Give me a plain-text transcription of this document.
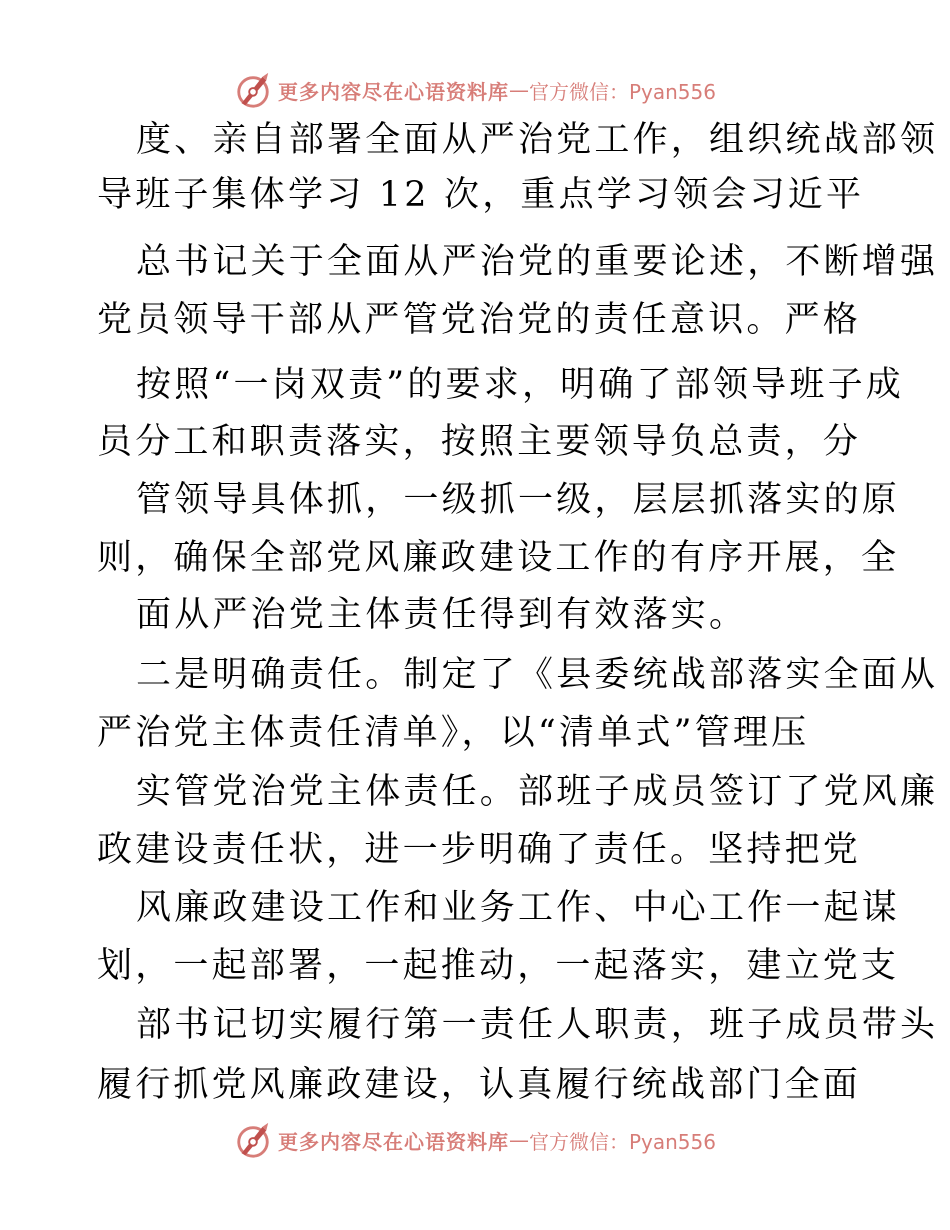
更多内容尽在心语资料库 — 官方微信：Pyan556
度、亲自部署全面从严治党工作，组织统战部领
导班子集体学习 12 次，重点学习领会习近平
总书记关于全面从严治党的重要论述，不断增强
党员领导干部从严管党治党的责任意识。严格
按照“一岗双责”的要求，明确了部领导班子成
员分工和职责落实，按照主要领导负总责，分
管领导具体抓，一级抓一级，层层抓落实的原
则，确保全部党风廉政建设工作的有序开展，全
面从严治党主体责任得到有效落实。
二是明确责任。制定了《县委统战部落实全面从
严治党主体责任清单》，以“清单式”管理压
实管党治党主体责任。部班子成员签订了党风廉
政建设责任状，进一步明确了责任。坚持把党
风廉政建设工作和业务工作、中心工作一起谋
划，一起部署，一起推动，一起落实，建立党支
部书记切实履行第一责任人职责，班子成员带头
履行抓党风廉政建设，认真履行统战部门全面
更多内容尽在心语资料库 — 官方微信：Pyan556
